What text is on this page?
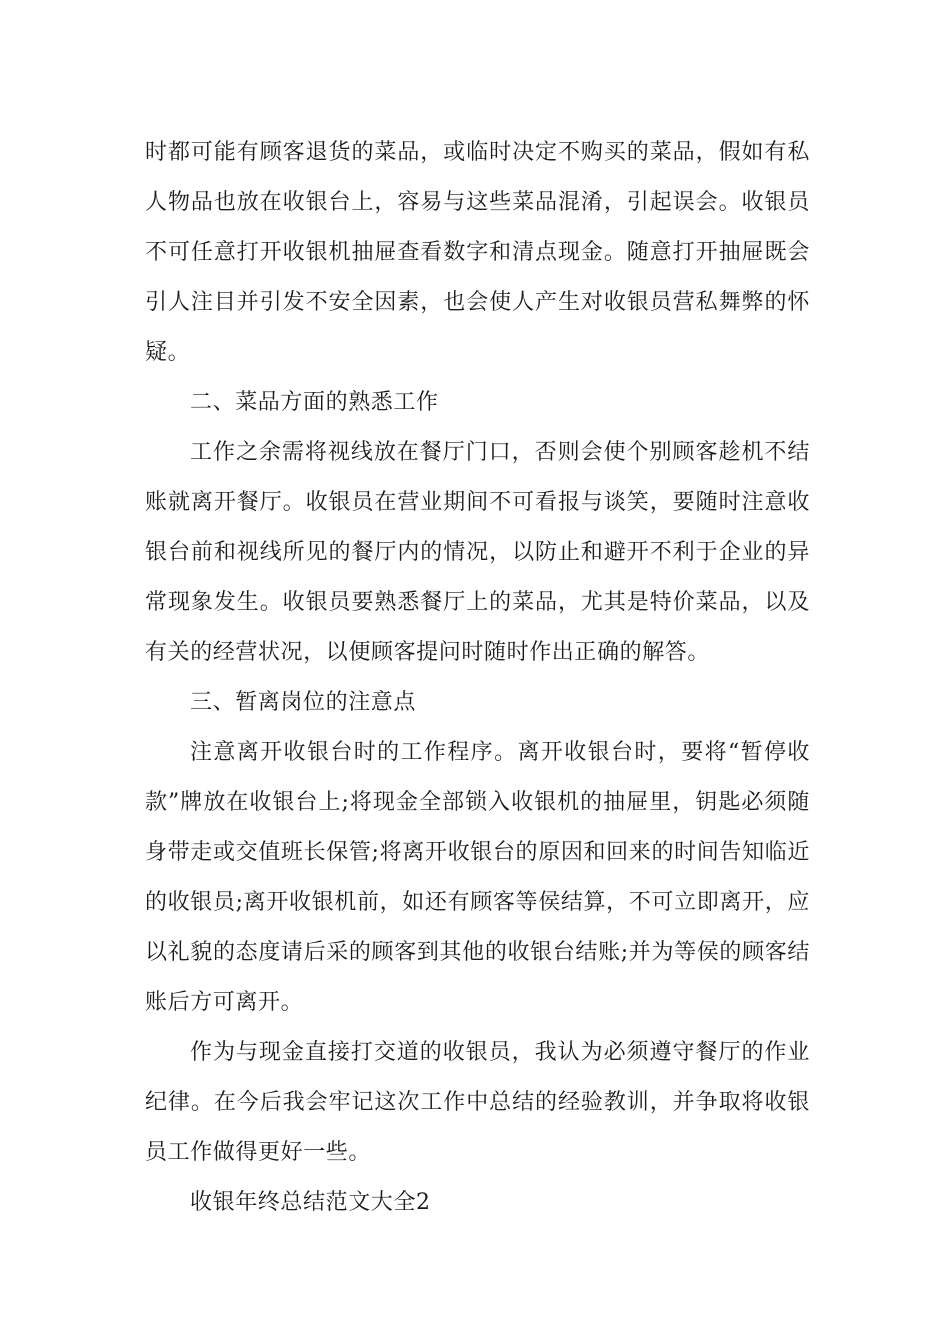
时都可能有顾客退货的菜品，或临时决定不购买的菜品，假如有私
人物品也放在收银台上，容易与这些菜品混淆，引起误会。收银员
不可任意打开收银机抽屉查看数字和清点现金。随意打开抽屉既会
引人注目并引发不安全因素，也会使人产生对收银员营私舞弊的怀
疑。
二、菜品方面的熟悉工作
工作之余需将视线放在餐厅门口，否则会使个别顾客趁机不结
账就离开餐厅。收银员在营业期间不可看报与谈笑，要随时注意收
银台前和视线所见的餐厅内的情况，以防止和避开不利于企业的异
常现象发生。收银员要熟悉餐厅上的菜品，尤其是特价菜品，以及
有关的经营状况，以便顾客提问时随时作出正确的解答。
三、暂离岗位的注意点
注意离开收银台时的工作程序。离开收银台时，要将“暂停收
款”牌放在收银台上;将现金全部锁入收银机的抽屉里，钥匙必须随
身带走或交值班长保管;将离开收银台的原因和回来的时间告知临近
的收银员;离开收银机前，如还有顾客等侯结算，不可立即离开，应
以礼貌的态度请后采的顾客到其他的收银台结账;并为等侯的顾客结
账后方可离开。
作为与现金直接打交道的收银员，我认为必须遵守餐厅的作业
纪律。在今后我会牢记这次工作中总结的经验教训，并争取将收银
员工作做得更好一些。
收银年终总结范文大全2
